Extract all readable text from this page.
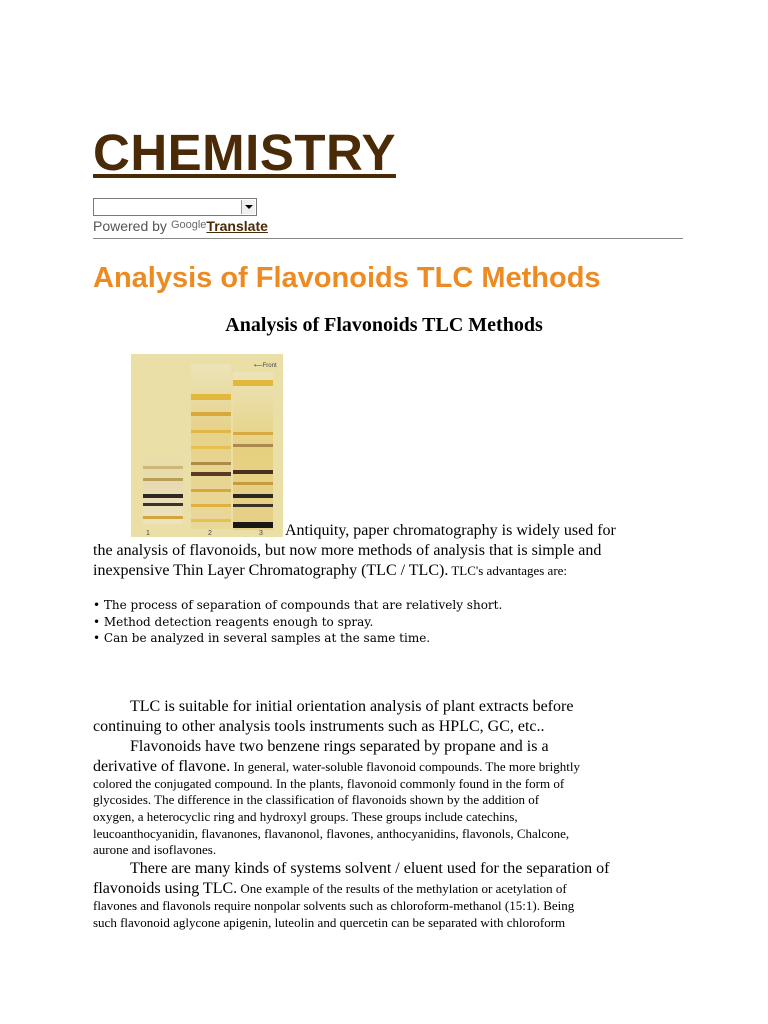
CHEMISTRY
Powered by $^{Google}$Translate
Analysis of Flavonoids TLC Methods
Analysis of Flavonoids TLC Methods
⟵Front
1	2	3 Antiquity, paper chromatography is widely used for

the analysis of flavonoids, but now more methods of analysis that is simple and

inexpensive Thin Layer Chromatography (TLC / TLC). TLC's advantages are:

• The process of separation of compounds that are relatively short.
• Method detection reagents enough to spray.
• Can be analyzed in several samples at the same time.

TLC is suitable for initial orientation analysis of plant extracts before

continuing to other analysis tools instruments such as HPLC, GC, etc..

Flavonoids have two benzene rings separated by propane and is a

derivative of flavone. In general, water-soluble flavonoid compounds. The more brightly

colored the conjugated compound. In the plants, flavonoid commonly found in the form of

glycosides. The difference in the classification of flavonoids shown by the addition of

oxygen, a heterocyclic ring and hydroxyl groups. These groups include catechins,

leucoanthocyanidin, flavanones, flavanonol, flavones, anthocyanidins, flavonols, Chalcone,

aurone and isoflavones.

There are many kinds of systems solvent / eluent used for the separation of

flavonoids using TLC. One example of the results of the methylation or acetylation of

flavones and flavonols require nonpolar solvents such as chloroform-methanol (15:1). Being

such flavonoid aglycone apigenin, luteolin and quercetin can be separated with chloroform
